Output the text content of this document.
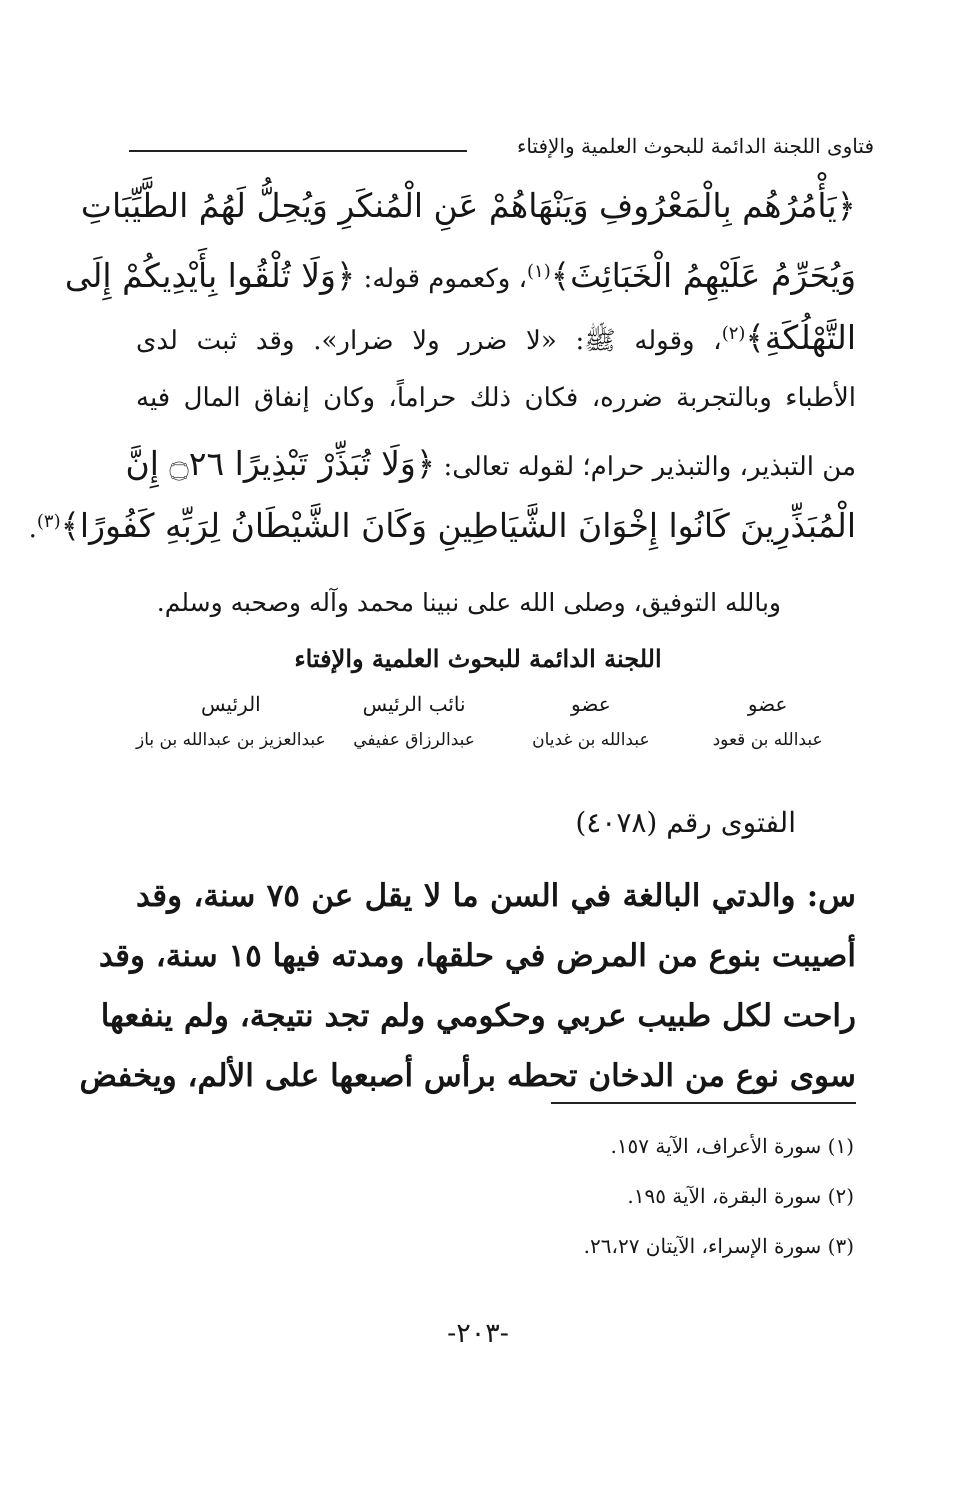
فتاوى اللجنة الدائمة للبحوث العلمية والإفتاء
﴿يَأْمُرُهُم بِالْمَعْرُوفِ وَيَنْهَاهُمْ عَنِ الْمُنكَرِ وَيُحِلُّ لَهُمُ الطَّيِّبَاتِ
وَيُحَرِّمُ عَلَيْهِمُ الْخَبَائِثَ﴾$^{(١)}$، وكعموم قوله: ﴿وَلَا تُلْقُوا بِأَيْدِيكُمْ إِلَى
التَّهْلُكَةِ﴾$^{(٢)}$، وقوله ﷺ: «لا ضرر ولا ضرار». وقد ثبت لدى
الأطباء وبالتجربة ضرره، فكان ذلك حراماً، وكان إنفاق المال فيه
من التبذير، والتبذير حرام؛ لقوله تعالى: ﴿وَلَا تُبَذِّرْ تَبْذِيرًا ۝٢٦ إِنَّ
الْمُبَذِّرِينَ كَانُوا إِخْوَانَ الشَّيَاطِينِ وَكَانَ الشَّيْطَانُ لِرَبِّهِ كَفُورًا﴾$^{(٣)}$.
وبالله التوفيق، وصلى الله على نبينا محمد وآله وصحبه وسلم.
اللجنة الدائمة للبحوث العلمية والإفتاء
عضو
عبدالله بن قعود
عضو
عبدالله بن غديان
نائب الرئيس
عبدالرزاق عفيفي
الرئيس
عبدالعزيز بن عبدالله بن باز
الفتوى رقم (٤٠٧٨)
س: والدتي البالغة في السن ما لا يقل عن ٧٥ سنة، وقد
أصيبت بنوع من المرض في حلقها، ومدته فيها ١٥ سنة، وقد
راحت لكل طبيب عربي وحكومي ولم تجد نتيجة، ولم ينفعها
سوى نوع من الدخان تحطه برأس أصبعها على الألم، ويخفض
(١) سورة الأعراف، الآية ١٥٧.
(٢) سورة البقرة، الآية ١٩٥.
(٣) سورة الإسراء، الآيتان ٢٦،٢٧.
-٢٠٣-
